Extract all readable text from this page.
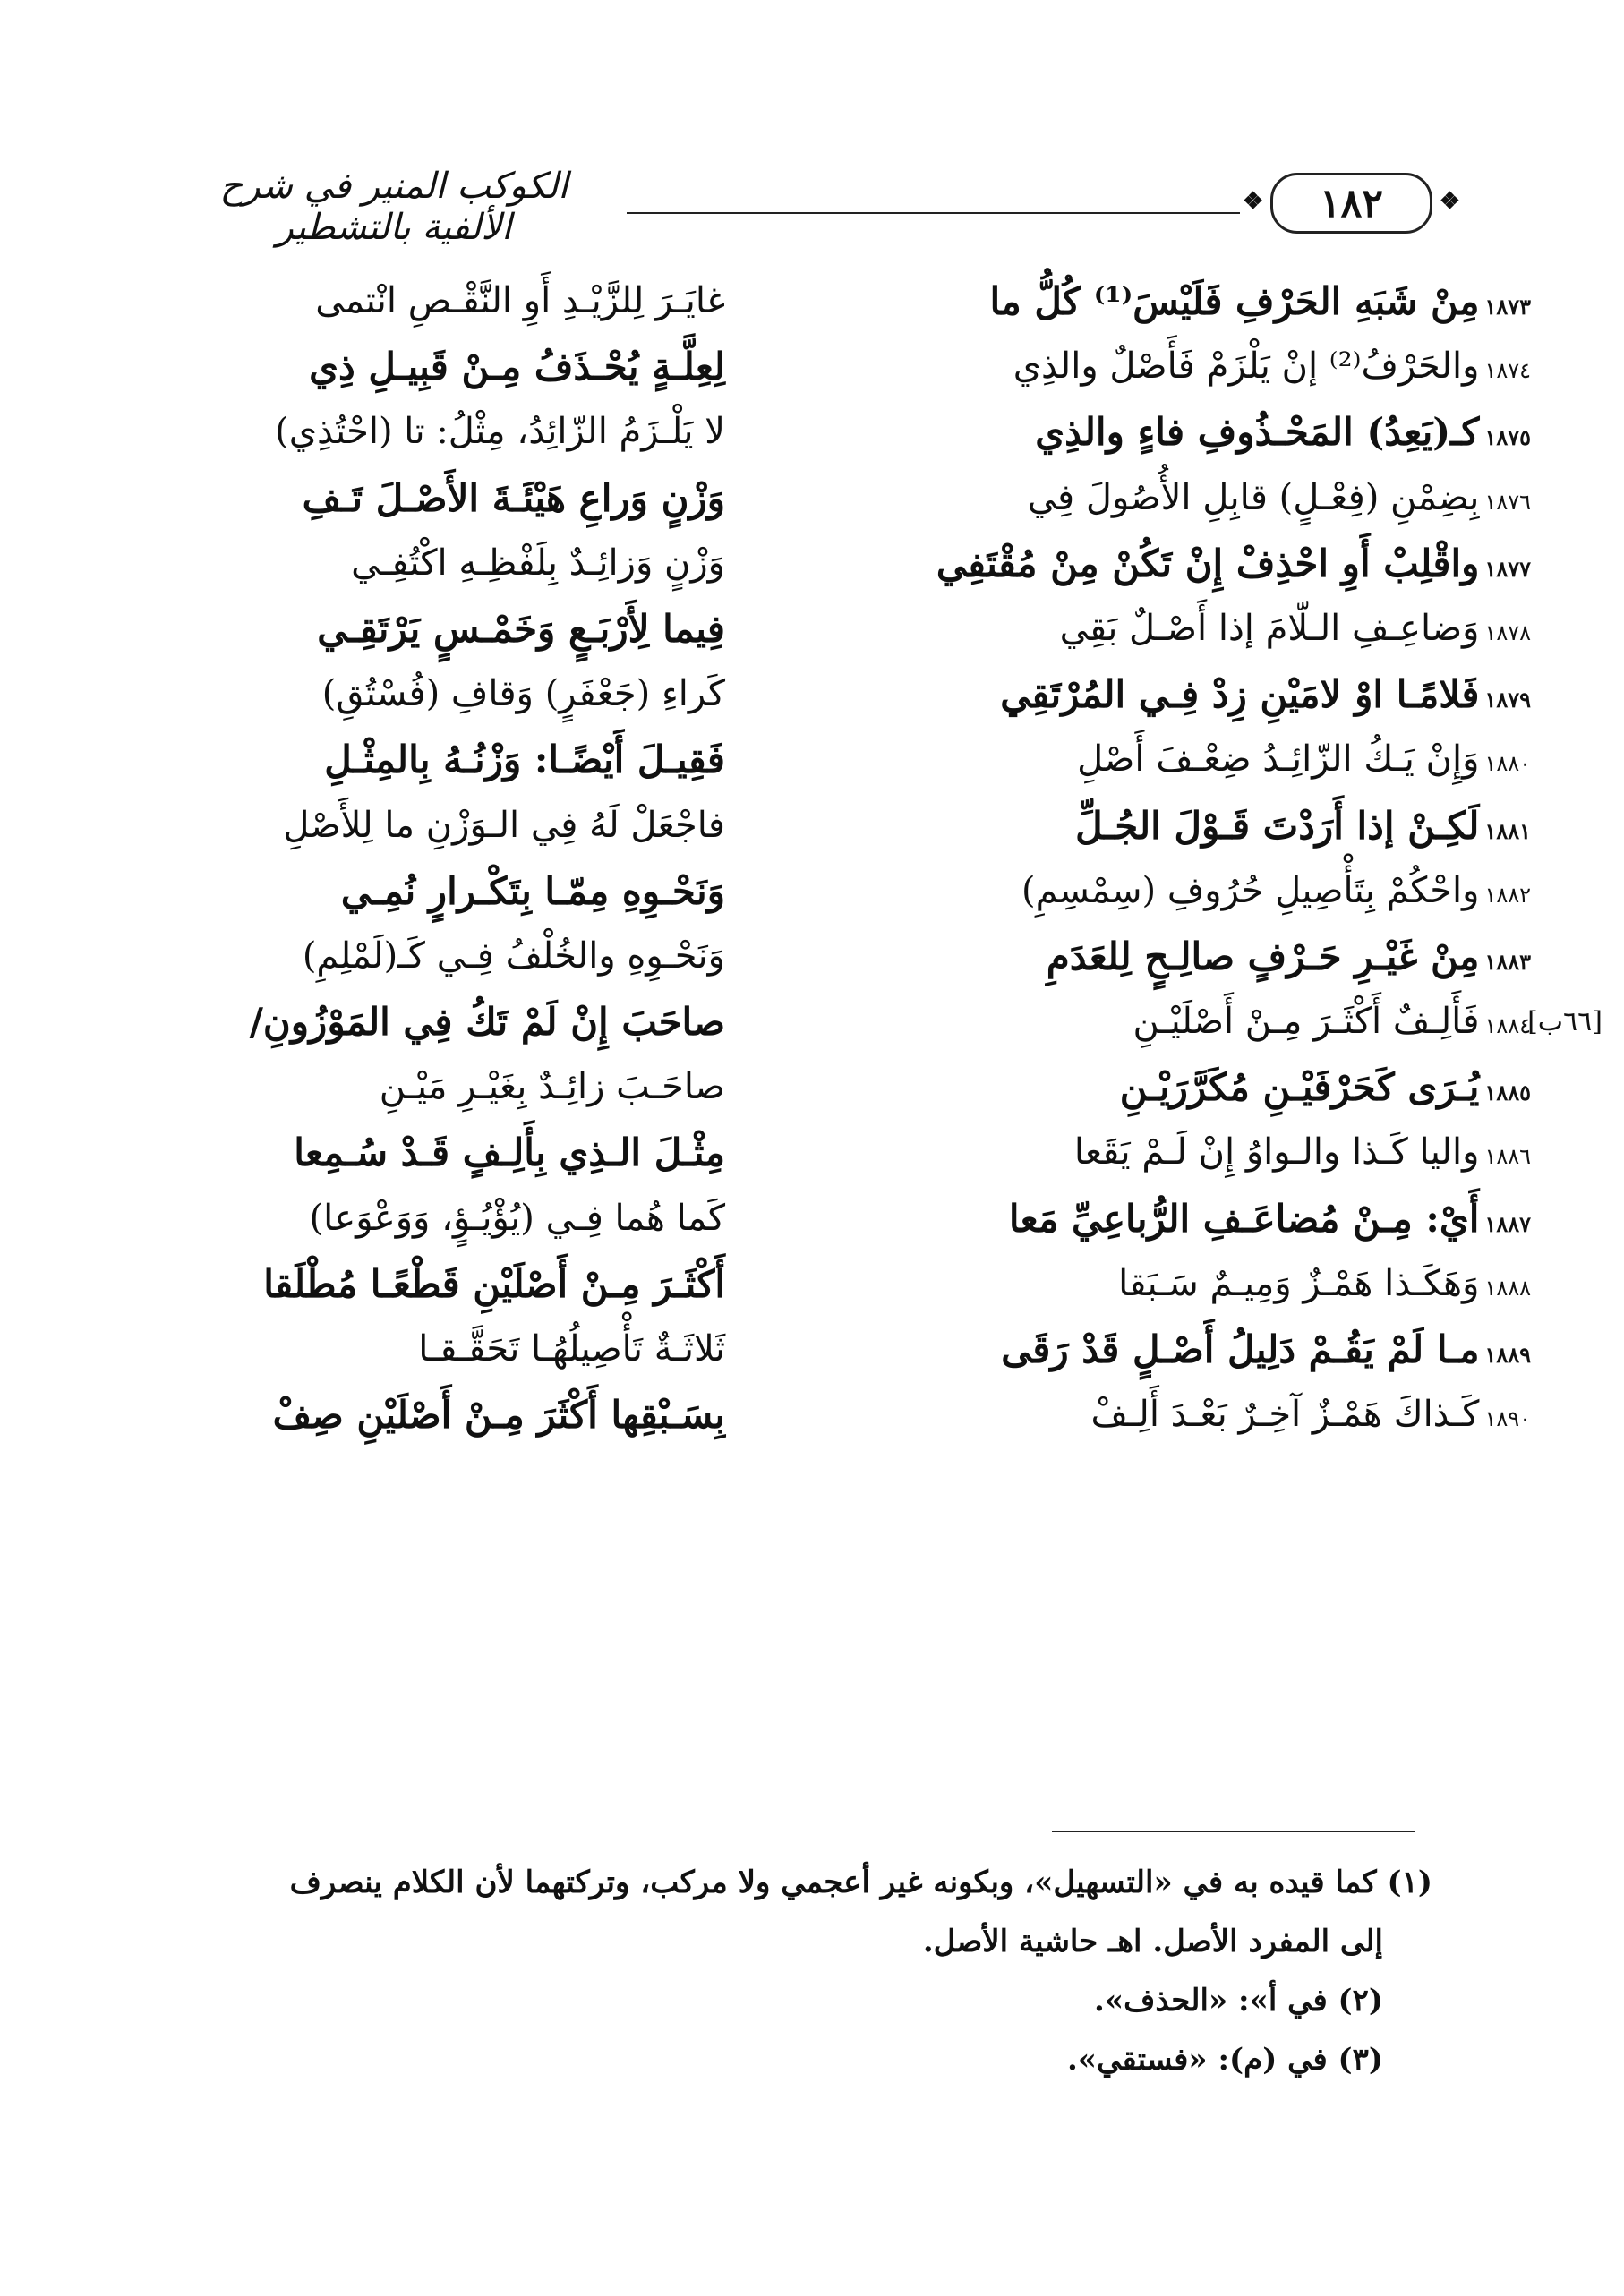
❖ ١٨٢ ❖
الكوكب المنير في شرح الألفية بالتشطير
١٨٧٣مِنْ شَبَهِ الحَرْفِ فَلَيْسَ⁽¹⁾ كُلُّ ما
غايَـرَ لِلزَّيْـدِ أَوِ النَّقْـصِ انْتمى
١٨٧٤والحَرْفُ⁽²⁾ إنْ يَلْزَمْ فَأَصْلٌ والذِي
لِعِلَّـةٍ يُحْـذَفُ مِـنْ قَبِيـلِ ذِي
١٨٧٥كـ(يَعِدُ) المَحْـذُوفِ فاءٍ والذِي
لا يَلْـزَمُ الزّائِدُ، مِثْلُ: تا (احْتُذِي)
١٨٧٦بِضِمْنِ (فِعْـلٍ) قابِلِ الأُصُولَ فِي
وَزْنٍ وَراعِ هَيْئَـةَ الأَصْـلَ تَـفِ
١٨٧٧واقْلِبْ أَوِ احْذِفْ إِنْ تَكُنْ مِنْ مُقْتَفِي
وَزْنٍ وَزائِـدٌ بِلَفْظِـهِ اكْتُفِـي
١٨٧٨وَضاعِـفِ الـلّامَ إذا أَصْـلٌ بَقِي
فِيما لِأَرْبَـعٍ وَخَمْـسٍ يَرْتَقِـي
١٨٧٩فَلامًـا اوْ لامَيْنِ زِدْ فِـي المُرْتَقِي
كَراءِ (جَعْفَرٍ) وَقافِ (فُسْتُقِ)
١٨٨٠وَإِنْ يَـكُ الزّائِـدُ ضِعْـفَ أَصْلِ
فَقِيـلَ أَيْضًـا: وَزْنُـهُ بِالمِثْـلِ
١٨٨١لَكِـنْ إذا أَرَدْتَ قَـوْلَ الجُـلِّ
فاجْعَلْ لَهُ فِي الـوَزْنِ ما لِلأَصْلِ
١٨٨٢واحْكُمْ بِتَأْصِيلِ حُرُوفِ (سِمْسِمِ)
وَنَحْـوِهِ مِمّـا بِتَكْـرارٍ نُمِـي
١٨٨٣مِنْ غَيْـرِ حَـرْفٍ صالِـحٍ لِلعَدَمِ
وَنَحْـوِهِ والخُلْفُ فِـي كَـ(لَمْلِمِ)
١٨٨٤فَأَلِـفٌ أَكْثَـرَ مِـنْ أَصْلَيْـنِ
صاحَبَ إِنْ لَمْ تَكُ فِي المَوْزُونِ/	[٦٦ب]
١٨٨٥يُـرَى كَحَرْفَيْـنِ مُكَرَّرَيْـنِ
صاحَـبَ زائِـدٌ بِغَيْـرِ مَيْـنِ
١٨٨٦واليا كَـذا والـواوُ إِنْ لَـمْ يَقَعا
مِثْـلَ الـذِي بِأَلِـفٍ قَـدْ سُـمِعا
١٨٨٧أَيْ: مِـنْ مُضاعَـفِ الرُّباعِيِّ مَعا
كَما هُما فِـي (يُؤْيُـؤٍ، وَوَعْوَعا)
١٨٨٨وَهَكَـذا هَمْـزٌ وَمِيـمٌ سَـبَقا
أَكْثَـرَ مِـنْ أَصْلَيْنِ قَطْعًـا مُطْلَقا
١٨٨٩مـا لَمْ يَقُـمْ دَلِيلُ أَصْـلٍ قَدْ رَقَى
ثَلاثَـةٌ تَأْصِيلُهُـا تَحَقَّـقـا
١٨٩٠كَـذاكَ هَمْـزٌ آخِـرٌ بَعْـدَ أَلِـفْ
بِسَـبْقِها أَكْثَرَ مِـنْ أَصْلَيْنِ صِفْ

(١) كما قيده به في «التسهيل»، وبكونه غير أعجمي ولا مركب، وتركتهما لأن الكلام ينصرف

إلى المفرد الأصل. اهـ حاشية الأصل.

(٢) في أ»: «الحذف».

(٣) في (م): «فستقي».
